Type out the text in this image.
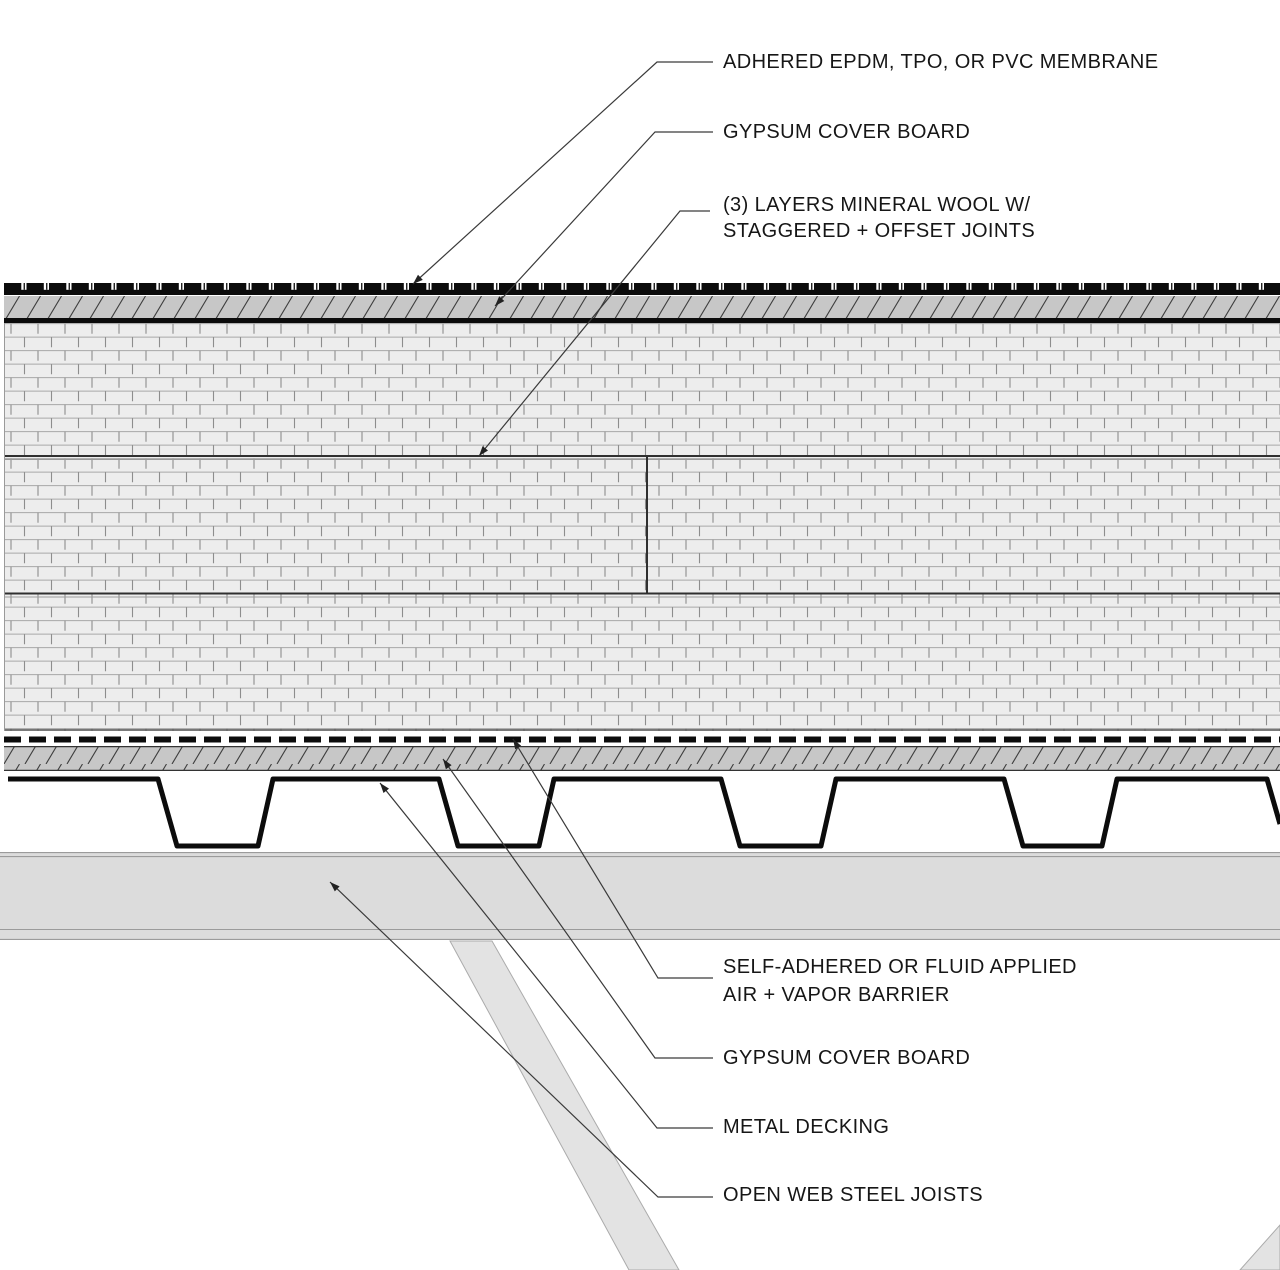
ADHERED EPDM, TPO, OR PVC MEMBRANE
GYPSUM COVER BOARD
(3) LAYERS MINERAL WOOL W/
STAGGERED + OFFSET JOINTS
SELF-ADHERED OR FLUID APPLIED
AIR + VAPOR BARRIER
GYPSUM COVER BOARD
METAL DECKING
OPEN WEB STEEL JOISTS
